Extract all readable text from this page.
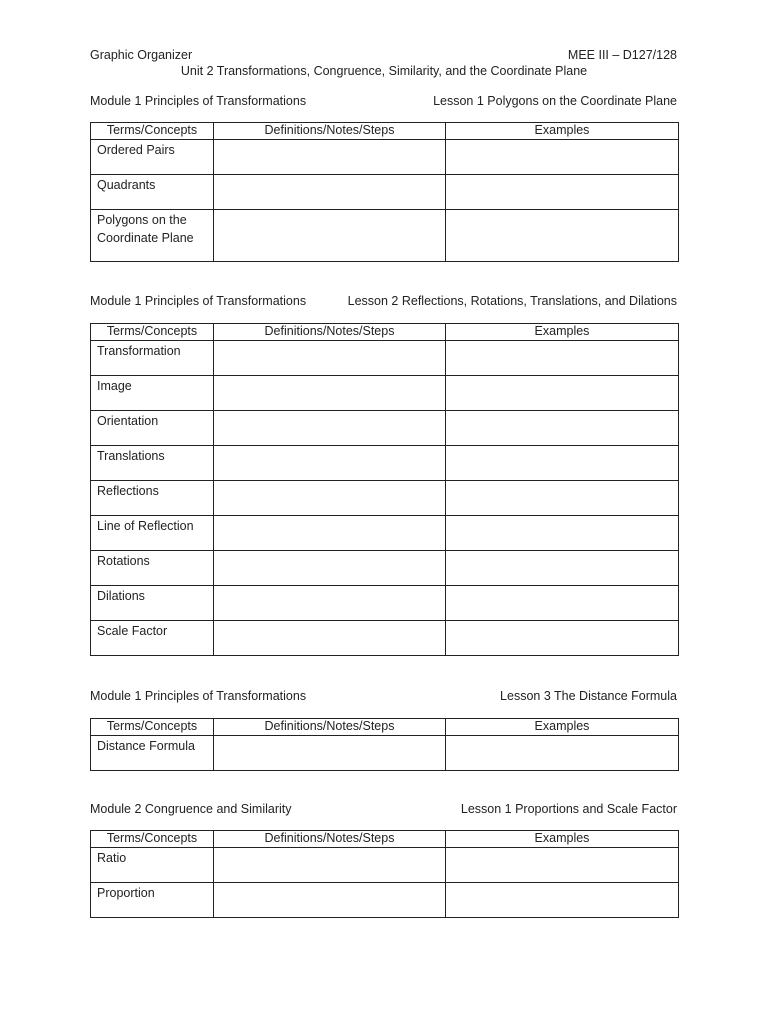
Graphic Organizer	MEE III – D127/128
Unit 2 Transformations, Congruence, Similarity, and the Coordinate Plane
Module 1 Principles of Transformations	Lesson 1 Polygons on the Coordinate Plane
Terms/Concepts	Definitions/Notes/Steps	Examples
Ordered Pairs		
Quadrants		
Polygons on the Coordinate Plane		
Module 1 Principles of Transformations	Lesson 2 Reflections, Rotations, Translations, and Dilations
Terms/Concepts	Definitions/Notes/Steps	Examples
Transformation		
Image		
Orientation		
Translations		
Reflections		
Line of Reflection		
Rotations		
Dilations		
Scale Factor		
Module 1 Principles of Transformations	Lesson 3 The Distance Formula
Terms/Concepts	Definitions/Notes/Steps	Examples
Distance Formula		
Module 2 Congruence and Similarity	Lesson 1 Proportions and Scale Factor
Terms/Concepts	Definitions/Notes/Steps	Examples
Ratio		
Proportion		
